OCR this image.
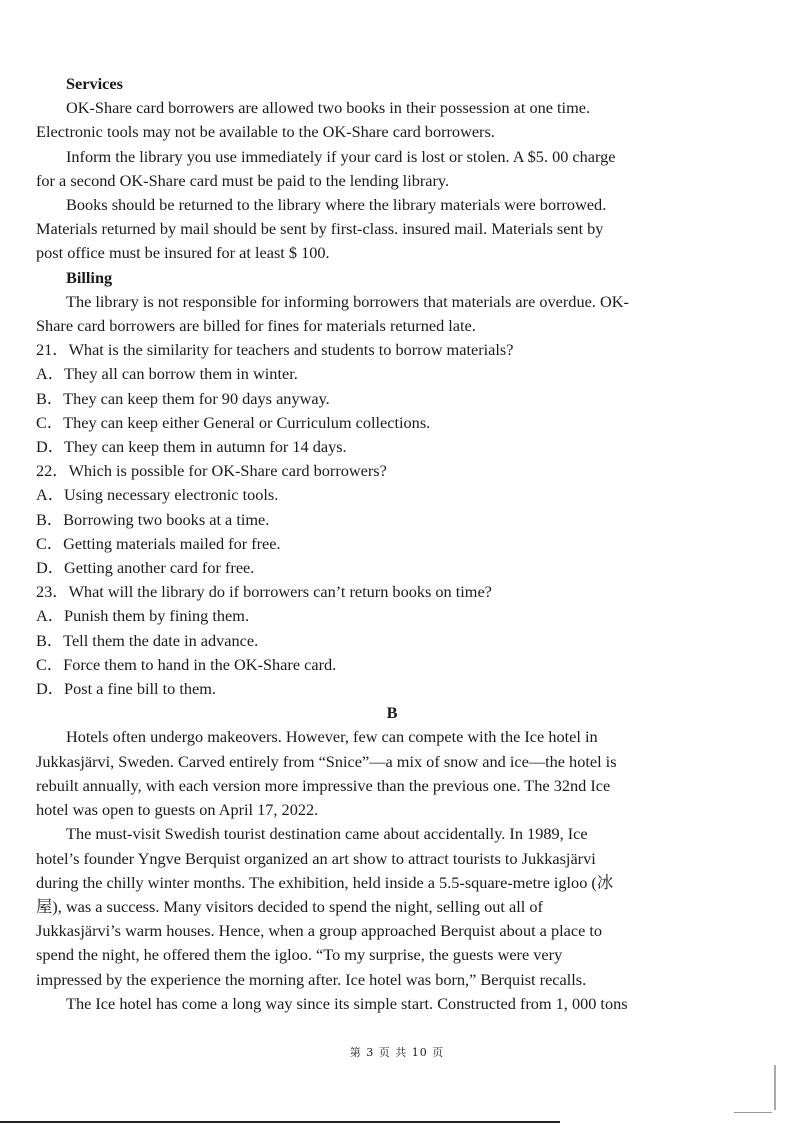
Services

OK-Share card borrowers are allowed two books in their possession at one time.

Electronic tools may not be available to the OK-Share card borrowers.

Inform the library you use immediately if your card is lost or stolen. A $5. 00 charge

for a second OK-Share card must be paid to the lending library.

Books should be returned to the library where the library materials were borrowed.

Materials returned by mail should be sent by first-class. insured mail. Materials sent by

post office must be insured for at least $ 100.

Billing

The library is not responsible for informing borrowers that materials are overdue. OK-

Share card borrowers are billed for fines for materials returned late.

21．What is the similarity for teachers and students to borrow materials?

A．They all can borrow them in winter.

B．They can keep them for 90 days anyway.

C．They can keep either General or Curriculum collections.

D．They can keep them in autumn for 14 days.

22．Which is possible for OK-Share card borrowers?

A．Using necessary electronic tools.

B．Borrowing two books at a time.

C．Getting materials mailed for free.

D．Getting another card for free.

23．What will the library do if borrowers can’t return books on time?

A．Punish them by fining them.

B．Tell them the date in advance.

C．Force them to hand in the OK-Share card.

D．Post a fine bill to them.

B

Hotels often undergo makeovers. However, few can compete with the Ice hotel in

Jukkasjärvi, Sweden. Carved entirely from “Snice”—a mix of snow and ice—the hotel is

rebuilt annually, with each version more impressive than the previous one. The 32nd Ice

hotel was open to guests on April 17, 2022.

The must-visit Swedish tourist destination came about accidentally. In 1989, Ice

hotel’s founder Yngve Berquist organized an art show to attract tourists to Jukkasjärvi

during the chilly winter months. The exhibition, held inside a 5.5-square-metre igloo (冰

屋), was a success. Many visitors decided to spend the night, selling out all of

Jukkasjärvi’s warm houses. Hence, when a group approached Berquist about a place to

spend the night, he offered them the igloo. “To my surprise, the guests were very

impressed by the experience the morning after. Ice hotel was born,” Berquist recalls.

The Ice hotel has come a long way since its simple start. Constructed from 1, 000 tons

第 3 页 共 10 页
